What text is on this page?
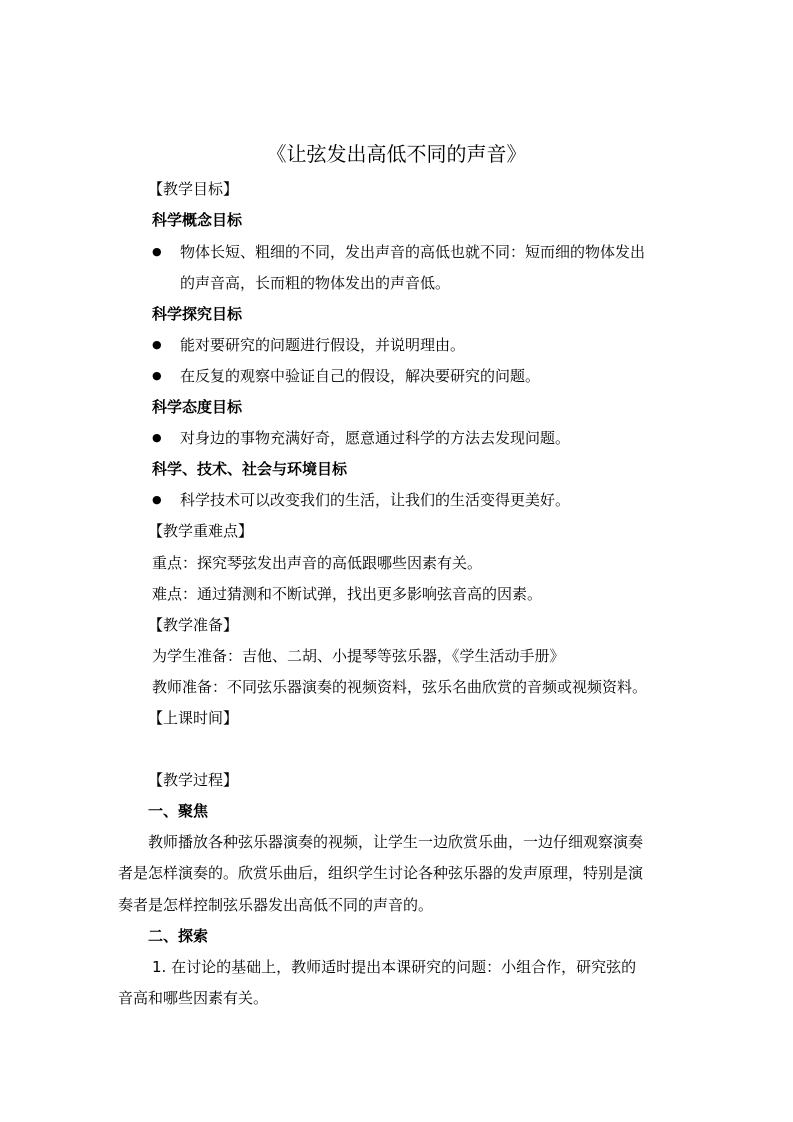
《让弦发出高低不同的声音》
【教学目标】
科学概念目标
● 物体长短、粗细的不同，发出声音的高低也就不同：短而细的物体发出
的声音高，长而粗的物体发出的声音低。
科学探究目标
● 能对要研究的问题进行假设，并说明理由。
● 在反复的观察中验证自己的假设，解决要研究的问题。
科学态度目标
● 对身边的事物充满好奇，愿意通过科学的方法去发现问题。
科学、技术、社会与环境目标
● 科学技术可以改变我们的生活，让我们的生活变得更美好。
【教学重难点】
重点：探究琴弦发出声音的高低跟哪些因素有关。
难点：通过猜测和不断试弹，找出更多影响弦音高的因素。
【教学准备】
为学生准备：吉他、二胡、小提琴等弦乐器，《学生活动手册》
教师准备：不同弦乐器演奏的视频资料，弦乐名曲欣赏的音频或视频资料。
【上课时间】
【教学过程】
一、聚焦
教师播放各种弦乐器演奏的视频，让学生一边欣赏乐曲，一边仔细观察演奏
者是怎样演奏的。欣赏乐曲后，组织学生讨论各种弦乐器的发声原理，特别是演
奏者是怎样控制弦乐器发出高低不同的声音的。
二、探索
1. 在讨论的基础上，教师适时提出本课研究的问题：小组合作，研究弦的
音高和哪些因素有关。
